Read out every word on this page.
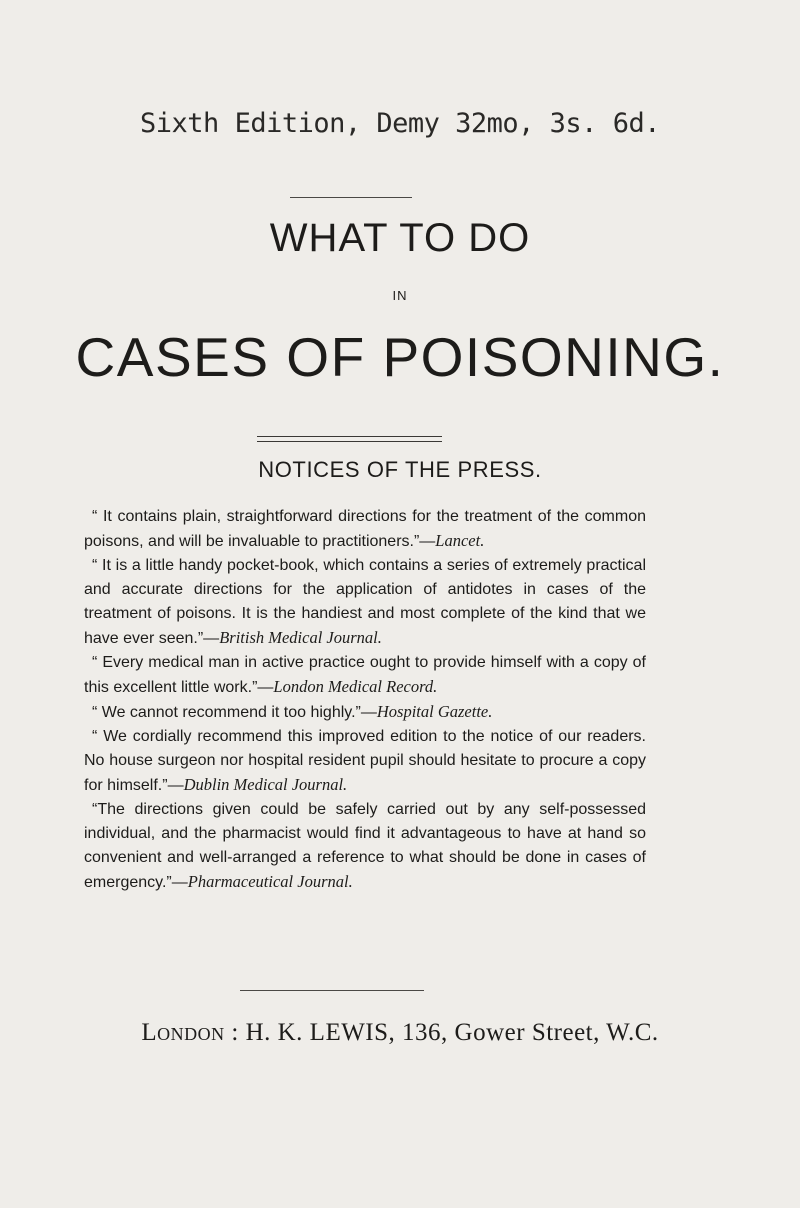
Sixth Edition, Demy 32mo, 3s. 6d.
WHAT TO DO
IN
CASES OF POISONING.
NOTICES OF THE PRESS.

“ It contains plain, straightforward directions for the treatment of the common poisons, and will be invaluable to practitioners.”—Lancet.

“ It is a little handy pocket-book, which contains a series of extremely practical and accurate directions for the application of antidotes in cases of the treatment of poisons. It is the handiest and most complete of the kind that we have ever seen.”—British Medical Journal.

“ Every medical man in active practice ought to provide himself with a copy of this excellent little work.”—London Medical Record.

“ We cannot recommend it too highly.”—Hospital Gazette.

“ We cordially recommend this improved edition to the notice of our readers. No house surgeon nor hospital resident pupil should hesitate to procure a copy for himself.”—Dublin Medical Journal.

“The directions given could be safely carried out by any self-possessed individual, and the pharmacist would find it advantageous to have at hand so convenient and well-arranged a reference to what should be done in cases of emergency.”—Pharmaceutical Journal.

London : H. K. LEWIS, 136, Gower Street, W.C.
